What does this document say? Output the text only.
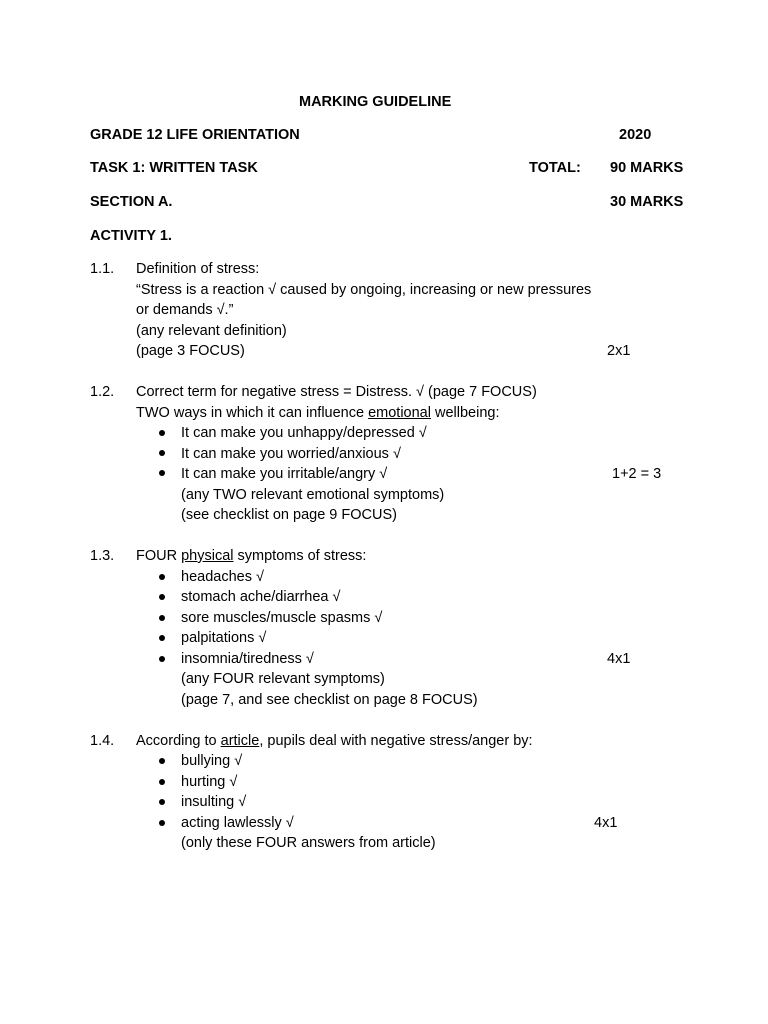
MARKING GUIDELINE
GRADE 12 LIFE ORIENTATION	2020
TASK 1: WRITTEN TASK	TOTAL: 90 MARKS
SECTION A.	30 MARKS
ACTIVITY 1.
1.1. Definition of stress:
“Stress is a reaction √ caused by ongoing, increasing or new pressures
or demands √.”
(any relevant definition)
(page 3 FOCUS)	2x1
1.2. Correct term for negative stress = Distress. √ (page 7 FOCUS)
TWO ways in which it can influence emotional wellbeing:
It can make you unhappy/depressed √
It can make you worried/anxious √
It can make you irritable/angry √	1+2 = 3
(any TWO relevant emotional symptoms)
(see checklist on page 9 FOCUS)
1.3. FOUR physical symptoms of stress:
headaches √
stomach ache/diarrhea √
sore muscles/muscle spasms √
palpitations √
insomnia/tiredness √	4x1
(any FOUR relevant symptoms)
(page 7, and see checklist on page 8 FOCUS)
1.4. According to article, pupils deal with negative stress/anger by:
bullying √
hurting √
insulting √
acting lawlessly √	4x1
(only these FOUR answers from article)
